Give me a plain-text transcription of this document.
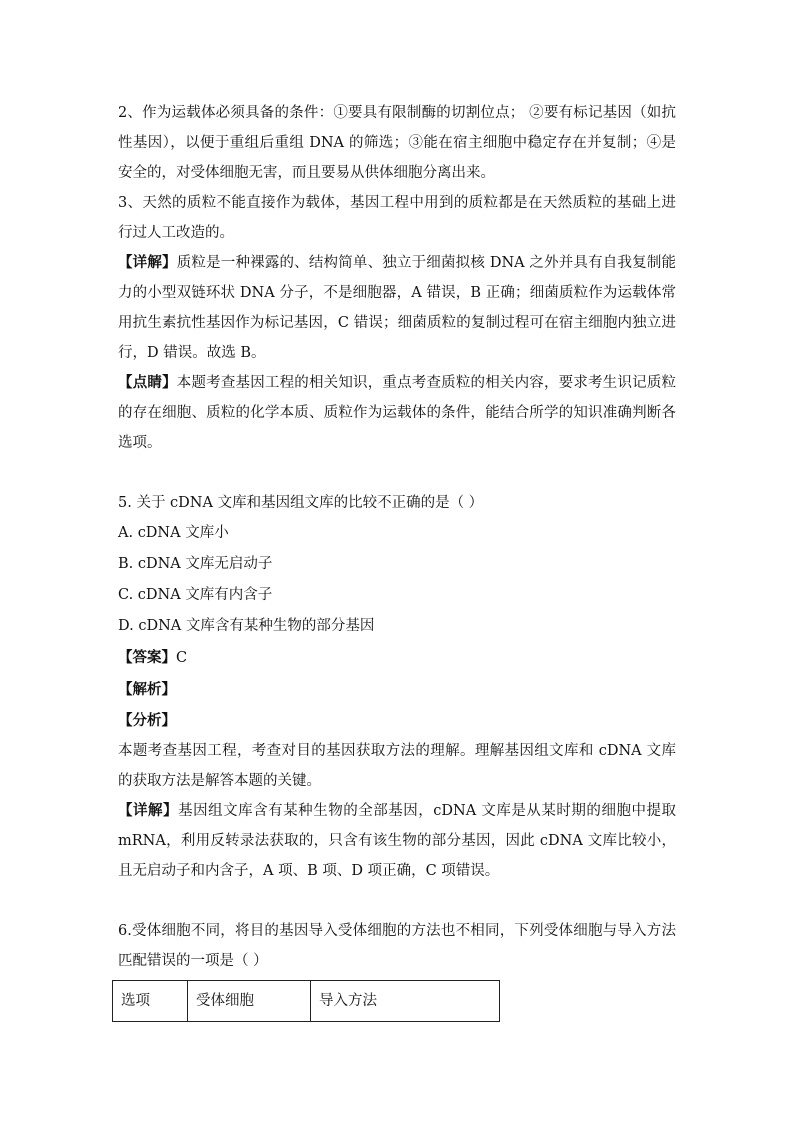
2、作为运载体必须具备的条件：①要具有限制酶的切割位点； ②要有标记基因（如抗性基因），以便于重组后重组 DNA 的筛选；③能在宿主细胞中稳定存在并复制；④是安全的，对受体细胞无害，而且要易从供体细胞分离出来。

3、天然的质粒不能直接作为载体，基因工程中用到的质粒都是在天然质粒的基础上进行过人工改造的。

【详解】质粒是一种裸露的、结构简单、独立于细菌拟核 DNA 之外并具有自我复制能力的小型双链环状 DNA 分子，不是细胞器，A 错误，B 正确；细菌质粒作为运载体常用抗生素抗性基因作为标记基因，C 错误；细菌质粒的复制过程可在宿主细胞内独立进行，D 错误。故选 B。

【点睛】本题考查基因工程的相关知识，重点考查质粒的相关内容，要求考生识记质粒的存在细胞、质粒的化学本质、质粒作为运载体的条件，能结合所学的知识准确判断各选项。

5. 关于 cDNA 文库和基因组文库的比较不正确的是（ ）

A. cDNA 文库小

B. cDNA 文库无启动子

C. cDNA 文库有内含子

D. cDNA 文库含有某种生物的部分基因

【答案】C

【解析】

【分析】

本题考查基因工程，考查对目的基因获取方法的理解。理解基因组文库和 cDNA 文库的获取方法是解答本题的关键。

【详解】基因组文库含有某种生物的全部基因，cDNA 文库是从某时期的细胞中提取 mRNA，利用反转录法获取的，只含有该生物的部分基因，因此 cDNA 文库比较小，且无启动子和内含子，A 项、B 项、D 项正确，C 项错误。

6.受体细胞不同，将目的基因导入受体细胞的方法也不相同，下列受体细胞与导入方法匹配错误的一项是（ ）

选项	受体细胞	导入方法
